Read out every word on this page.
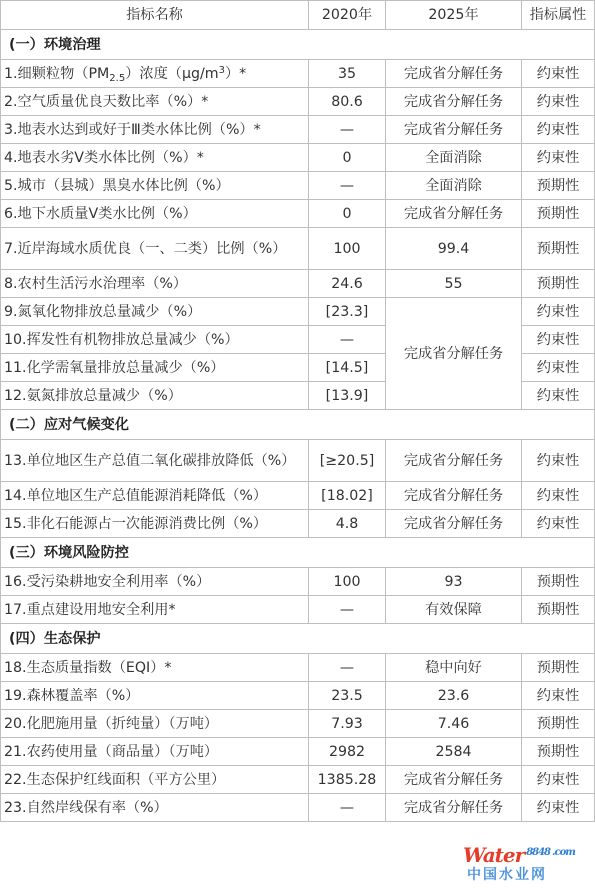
指标名称	2020年	2025年	指标属性
(一）环境治理			
1.细颗粒物$(PM_{2.5})$浓度$(\mu g/m^3)*$	35	完成省分解任务	约束性
2.空气质量优良天数比率（%）*	80.6	完成省分解任务	约束性
3.地表水达到或好于Ⅲ类水体比例（%）*	—	完成省分解任务	约束性
4.地表水劣V类水体比例（%）*	0	全面消除	约束性
5.城市（县城）黑臭水体比例（%）	—	全面消除	预期性
6.地下水质量V类水比例（%）	0	完成省分解任务	预期性
7.近岸海域水质优良（一、二类）比例（%）	100	99.4	预期性
8.农村生活污水治理率（%）	24.6	55	预期性
9.氮氧化物排放总量减少（%）	[23.3]	完成省分解任务	约束性
10.挥发性有机物排放总量减少（%）	—		约束性
11.化学需氧量排放总量减少（%）	[14.5]		约束性
12.氨氮排放总量减少（%）	[13.9]		约束性
(二）应对气候变化			
13.单位地区生产总值二氧化碳排放降低（%）	[≥20.5]	完成省分解任务	约束性
14.单位地区生产总值能源消耗降低（%）	[18.02]	完成省分解任务	约束性
15.非化石能源占一次能源消费比例（%）	4.8	完成省分解任务	约束性
(三）环境风险防控			
16.受污染耕地安全利用率（%）	100	93	预期性
17.重点建设用地安全利用*	—	有效保障	预期性
(四）生态保护			
18.生态质量指数（EQI）*	—	稳中向好	预期性
19.森林覆盖率（%）	23.5	23.6	约束性
20.化肥施用量（折纯量）（万吨）	7.93	7.46	预期性
21.农药使用量（商品量）（万吨）	2982	2584	预期性
22.生态保护红线面积（平方公里）	1385.28	完成省分解任务	约束性
23.自然岸线保有率（%）	—	完成省分解任务	约束性
Water $^{8848}$ $^{.com}$
中国水业网
